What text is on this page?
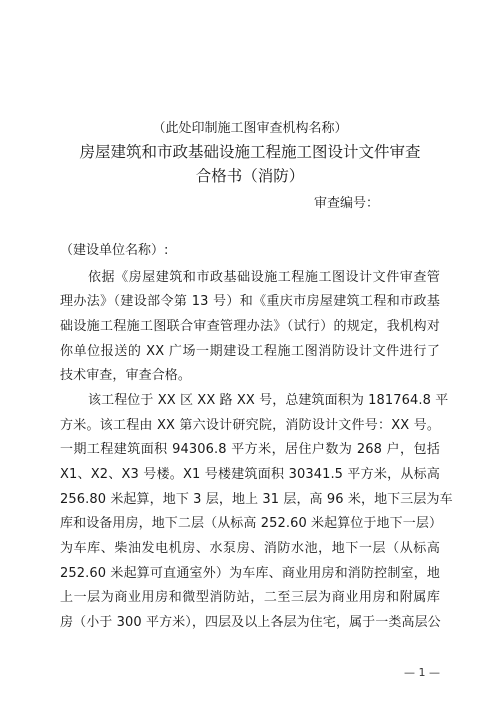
（此处印制施工图审查机构名称）
房屋建筑和市政基础设施工程施工图设计文件审查
合格书（消防）
审查编号：
（建设单位名称）:
依据《房屋建筑和市政基础设施工程施工图设计文件审查管
理办法》（建设部令第 13 号）和《重庆市房屋建筑工程和市政基
础设施工程施工图联合审查管理办法》（试行）的规定，我机构对
你单位报送的 XX 广场一期建设工程施工图消防设计文件进行了
技术审查，审查合格。
该工程位于 XX 区 XX 路 XX 号，总建筑面积为 181764.8 平
方米。该工程由 XX 第六设计研究院，消防设计文件号：XX 号。
一期工程建筑面积 94306.8 平方米，居住户数为 268 户，包括
X1、X2、X3 号楼。X1 号楼建筑面积 30341.5 平方米，从标高
256.80 米起算，地下 3 层，地上 31 层，高 96 米，地下三层为车
库和设备用房，地下二层（从标高 252.60 米起算位于地下一层）
为车库、柴油发电机房、水泵房、消防水池，地下一层（从标高
252.60 米起算可直通室外）为车库、商业用房和消防控制室，地
上一层为商业用房和微型消防站，二至三层为商业用房和附属库
房（小于 300 平方米），四层及以上各层为住宅，属于一类高层公
— 1 —
